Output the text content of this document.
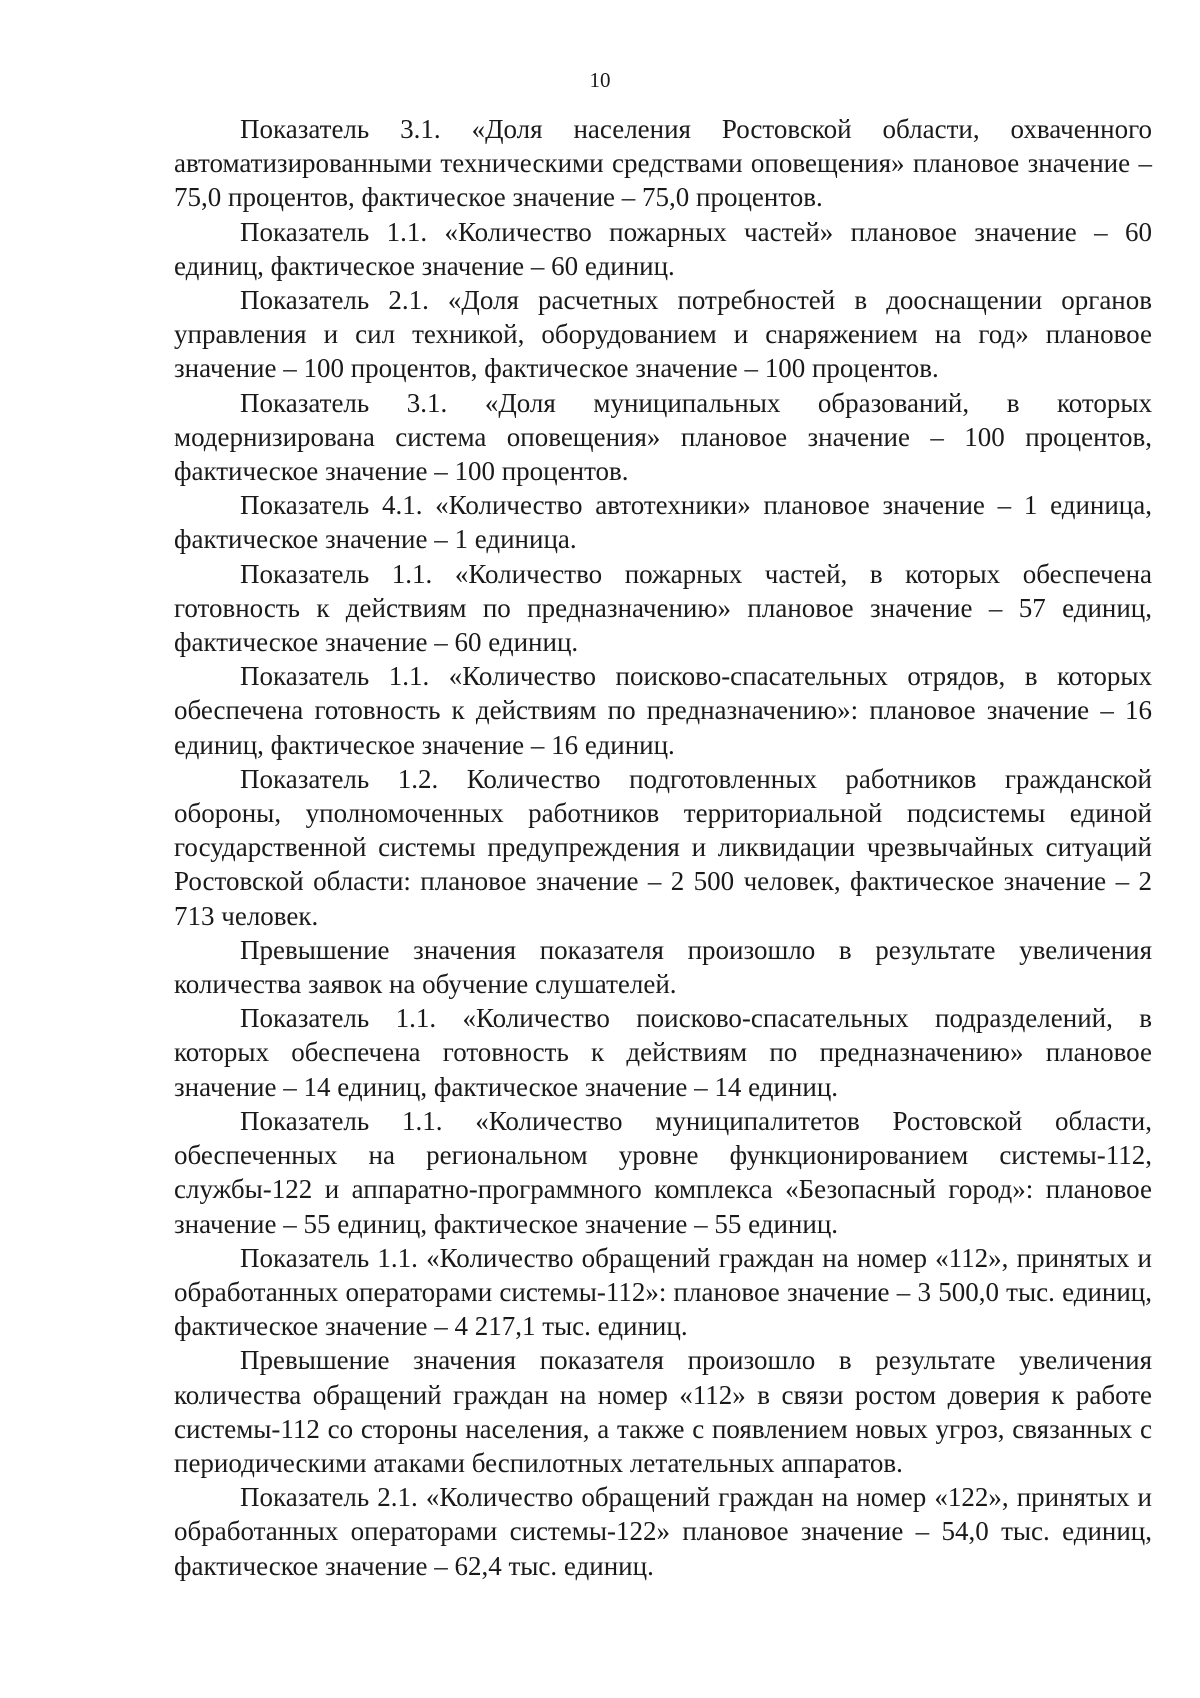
10

Показатель 3.1. «Доля населения Ростовской области, охваченного автоматизированными техническими средствами оповещения» плановое значение – 75,0 процентов, фактическое значение – 75,0 процентов.

Показатель 1.1. «Количество пожарных частей» плановое значение – 60 единиц, фактическое значение – 60 единиц.

Показатель 2.1. «Доля расчетных потребностей в дооснащении органов управления и сил техникой, оборудованием и снаряжением на год» плановое значение – 100 процентов, фактическое значение – 100 процентов.

Показатель 3.1. «Доля муниципальных образований, в которых модернизирована система оповещения» плановое значение – 100 процентов, фактическое значение – 100 процентов.

Показатель 4.1. «Количество автотехники» плановое значение – 1 единица, фактическое значение – 1 единица.

Показатель 1.1. «Количество пожарных частей, в которых обеспечена готовность к действиям по предназначению» плановое значение – 57 единиц, фактическое значение – 60 единиц.

Показатель 1.1. «Количество поисково-спасательных отрядов, в которых обеспечена готовность к действиям по предназначению»: плановое значение – 16 единиц, фактическое значение – 16 единиц.

Показатель 1.2. Количество подготовленных работников гражданской обороны, уполномоченных работников территориальной подсистемы единой государственной системы предупреждения и ликвидации чрезвычайных ситуаций Ростовской области: плановое значение – 2 500 человек, фактическое значение – 2 713 человек.

Превышение значения показателя произошло в результате увеличения количества заявок на обучение слушателей.

Показатель 1.1. «Количество поисково-спасательных подразделений, в которых обеспечена готовность к действиям по предназначению» плановое значение – 14 единиц, фактическое значение – 14 единиц.

Показатель 1.1. «Количество муниципалитетов Ростовской области, обеспеченных на региональном уровне функционированием системы-112, службы-122 и аппаратно-программного комплекса «Безопасный город»: плановое значение – 55 единиц, фактическое значение – 55 единиц.

Показатель 1.1. «Количество обращений граждан на номер «112», принятых и обработанных операторами системы-112»: плановое значение – 3 500,0 тыс. единиц, фактическое значение – 4 217,1 тыс. единиц.

Превышение значения показателя произошло в результате увеличения количества обращений граждан на номер «112» в связи ростом доверия к работе системы-112 со стороны населения, а также с появлением новых угроз, связанных с периодическими атаками беспилотных летательных аппаратов.

Показатель 2.1. «Количество обращений граждан на номер «122», принятых и обработанных операторами системы-122» плановое значение – 54,0 тыс. единиц, фактическое значение – 62,4 тыс. единиц.
